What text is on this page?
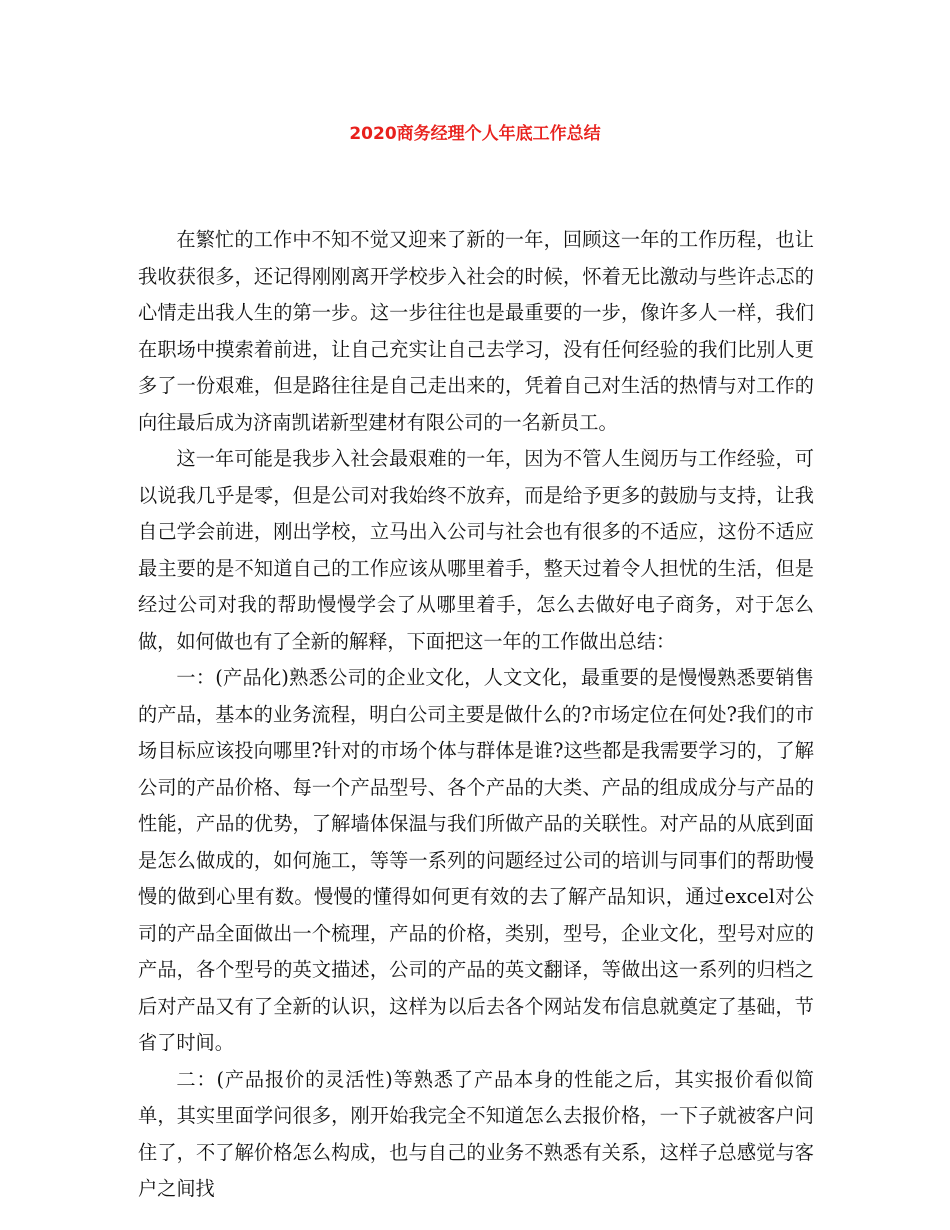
2020商务经理个人年底工作总结

在繁忙的工作中不知不觉又迎来了新的一年，回顾这一年的工作历程，也让我收获很多，还记得刚刚离开学校步入社会的时候，怀着无比激动与些许忐忑的心情走出我人生的第一步。这一步往往也是最重要的一步，像许多人一样，我们在职场中摸索着前进，让自己充实让自己去学习，没有任何经验的我们比别人更多了一份艰难，但是路往往是自己走出来的，凭着自己对生活的热情与对工作的向往最后成为济南凯诺新型建材有限公司的一名新员工。

这一年可能是我步入社会最艰难的一年，因为不管人生阅历与工作经验，可以说我几乎是零，但是公司对我始终不放弃，而是给予更多的鼓励与支持，让我自己学会前进，刚出学校，立马出入公司与社会也有很多的不适应，这份不适应最主要的是不知道自己的工作应该从哪里着手，整天过着令人担忧的生活，但是经过公司对我的帮助慢慢学会了从哪里着手，怎么去做好电子商务，对于怎么做，如何做也有了全新的解释，下面把这一年的工作做出总结：

一：(产品化)熟悉公司的企业文化，人文文化，最重要的是慢慢熟悉要销售的产品，基本的业务流程，明白公司主要是做什么的?市场定位在何处?我们的市场目标应该投向哪里?针对的市场个体与群体是谁?这些都是我需要学习的，了解公司的产品价格、每一个产品型号、各个产品的大类、产品的组成成分与产品的性能，产品的优势，了解墙体保温与我们所做产品的关联性。对产品的从底到面是怎么做成的，如何施工，等等一系列的问题经过公司的培训与同事们的帮助慢慢的做到心里有数。慢慢的懂得如何更有效的去了解产品知识，通过excel对公司的产品全面做出一个梳理，产品的价格，类别，型号，企业文化，型号对应的产品，各个型号的英文描述，公司的产品的英文翻译，等做出这一系列的归档之后对产品又有了全新的认识，这样为以后去各个网站发布信息就奠定了基础，节省了时间。

二：(产品报价的灵活性)等熟悉了产品本身的性能之后，其实报价看似简单，其实里面学问很多，刚开始我完全不知道怎么去报价格，一下子就被客户问住了，不了解价格怎么构成，也与自己的业务不熟悉有关系，这样子总感觉与客户之间找
